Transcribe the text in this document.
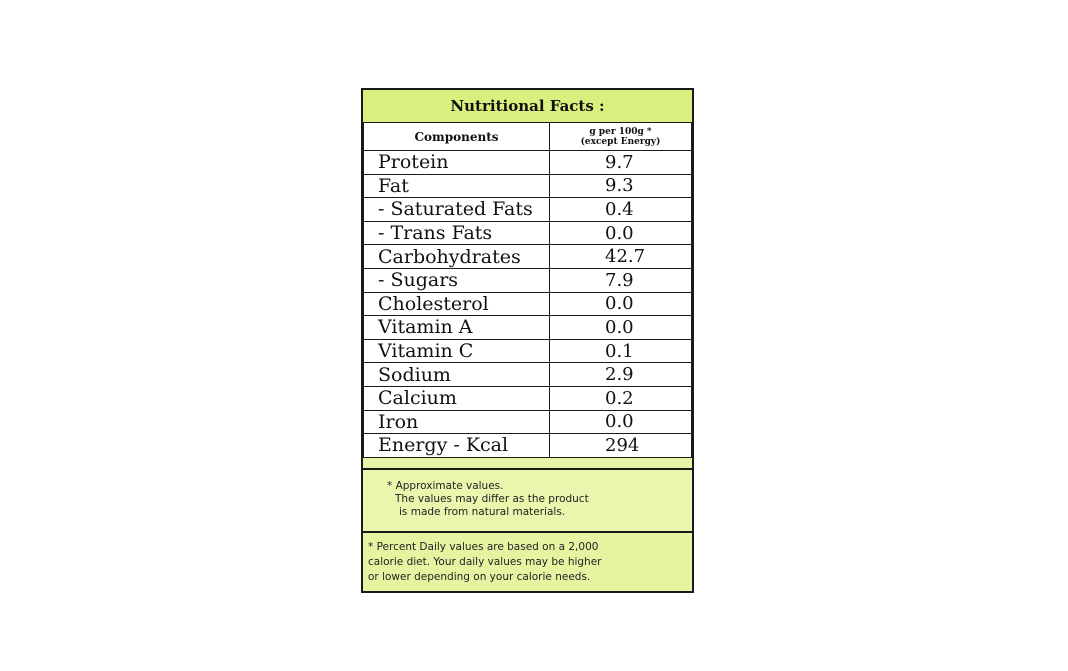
Nutritional Facts :
Components	g per 100g *
(except Energy)
Protein	9.7
Fat	9.3
- Saturated Fats	0.4
- Trans Fats	0.0
Carbohydrates	42.7
- Sugars	7.9
Cholesterol	0.0
Vitamin A	0.0
Vitamin C	0.1
Sodium	2.9
Calcium	0.2
Iron	0.0
Energy - Kcal	294
* Approximate values.
The values may differ as the product
is made from natural materials.
* Percent Daily values are based on a 2,000
calorie diet. Your daily values may be higher
or lower depending on your calorie needs.
